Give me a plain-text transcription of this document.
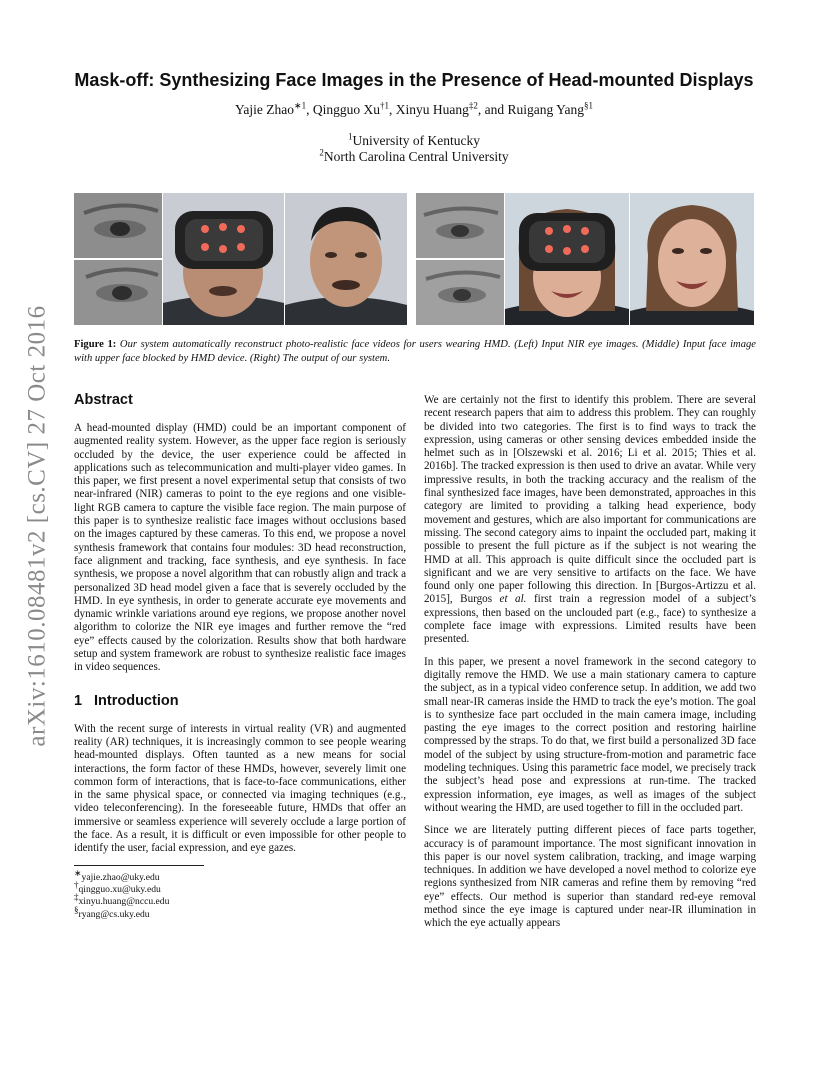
arXiv:1610.08481v2 [cs.CV] 27 Oct 2016
Mask-off: Synthesizing Face Images in the Presence of Head-mounted Displays
Yajie Zhao$^{∗1}$, Qingguo Xu$^{\dagger 1}$, Xinyu Huang$^{\ddagger 2}$, and Ruigang Yang$^{\S 1}$
$^1$University of Kentucky
$^2$North Carolina Central University
Figure 1: Our system automatically reconstruct photo-realistic face videos for users wearing HMD. (Left) Input NIR eye images. (Middle) Input face image with upper face blocked by HMD device. (Right) The output of our system.
Abstract

A head-mounted display (HMD) could be an important component of augmented reality system. However, as the upper face region is seriously occluded by the device, the user experience could be affected in applications such as telecommunication and multi-player video games. In this paper, we first present a novel experimental setup that consists of two near-infrared (NIR) cameras to point to the eye regions and one visible-light RGB camera to capture the visible face region. The main purpose of this paper is to synthesize realistic face images without occlusions based on the images captured by these cameras. To this end, we propose a novel synthesis framework that contains four modules: 3D head reconstruction, face alignment and tracking, face synthesis, and eye synthesis. In face synthesis, we propose a novel algorithm that can robustly align and track a personalized 3D head model given a face that is severely occluded by the HMD. In eye synthesis, in order to generate accurate eye movements and dynamic wrinkle variations around eye regions, we propose another novel algorithm to colorize the NIR eye images and further remove the “red eye” effects caused by the colorization. Results show that both hardware setup and system framework are robust to synthesize realistic face images in video sequences.

1 Introduction

With the recent surge of interests in virtual reality (VR) and augmented reality (AR) techniques, it is increasingly common to see people wearing head-mounted displays. Often taunted as a new means for social interactions, the form factor of these HMDs, however, severely limit one common form of interactions, that is face-to-face communications, either in the same physical space, or connected via imaging techniques (e.g., video teleconferencing). In the foreseeable future, HMDs that offer an immersive or seamless experience will severely occlude a large portion of the face. As a result, it is difficult or even impossible for other people to identify the user, facial expression, and eye gazes.

∗yajie.zhao@uky.edu
†qingguo.xu@uky.edu
‡xinyu.huang@nccu.edu
§ryang@cs.uky.edu

We are certainly not the first to identify this problem. There are several recent research papers that aim to address this problem. They can roughly be divided into two categories. The first is to find ways to track the expression, using cameras or other sensing devices embedded inside the helmet such as in [Olszewski et al. 2016; Li et al. 2015; Thies et al. 2016b]. The tracked expression is then used to drive an avatar. While very impressive results, in both the tracking accuracy and the realism of the final synthesized face images, have been demonstrated, approaches in this category are limited to providing a talking head experience, body movement and gestures, which are also important for communications are missing. The second category aims to inpaint the occluded part, making it possible to present the full picture as if the subject is not wearing the HMD at all. This approach is quite difficult since the occluded part is significant and we are very sensitive to artifacts on the face. We have found only one paper following this direction. In [Burgos-Artizzu et al. 2015], Burgos et al. first train a regression model of a subject’s expressions, then based on the unclouded part (e.g., face) to synthesize a complete face image with expressions. Limited results have been presented.

In this paper, we present a novel framework in the second category to digitally remove the HMD. We use a main stationary camera to capture the subject, as in a typical video conference setup. In addition, we add two small near-IR cameras inside the HMD to track the eye’s motion. The goal is to synthesize face part occluded in the main camera image, including pasting the eye images to the correct position and restoring hairline compressed by the straps. To do that, we first build a personalized 3D face model of the subject by using structure-from-motion and parametric face modeling techniques. Using this parametric face model, we precisely track the subject’s head pose and expressions at run-time. The tracked expression information, eye images, as well as images of the subject without wearing the HMD, are used together to fill in the occluded part.

Since we are literately putting different pieces of face parts together, accuracy is of paramount importance. The most significant innovation in this paper is our novel system calibration, tracking, and image warping techniques. In addition we have developed a novel method to colorize eye regions synthesized from NIR cameras and refine them by removing “red eye” effects. Our method is superior than standard red-eye removal method since the eye image is captured under near-IR illumination in which the eye actually appears
